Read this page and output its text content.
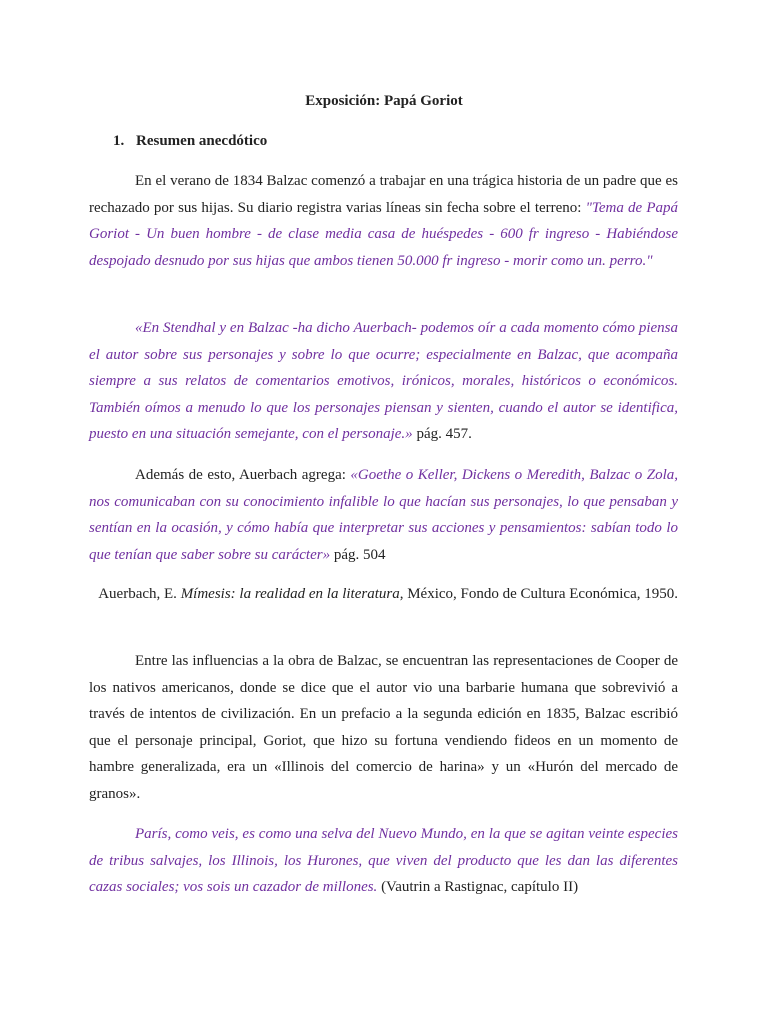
Exposición: Papá Goriot
1. Resumen anecdótico

En el verano de 1834 Balzac comenzó a trabajar en una trágica historia de un padre que es rechazado por sus hijas. Su diario registra varias líneas sin fecha sobre el terreno: "Tema de Papá Goriot - Un buen hombre - de clase media casa de huéspedes - 600 fr ingreso - Habiéndose despojado desnudo por sus hijas que ambos tienen 50.000 fr ingreso - morir como un. perro."

«En Stendhal y en Balzac -ha dicho Auerbach- podemos oír a cada momento cómo piensa el autor sobre sus personajes y sobre lo que ocurre; especialmente en Balzac, que acompaña siempre a sus relatos de comentarios emotivos, irónicos, morales, históricos o económicos. También oímos a menudo lo que los personajes piensan y sienten, cuando el autor se identifica, puesto en una situación semejante, con el personaje.» pág. 457.

Además de esto, Auerbach agrega: «Goethe o Keller, Dickens o Meredith, Balzac o Zola, nos comunicaban con su conocimiento infalible lo que hacían sus personajes, lo que pensaban y sentían en la ocasión, y cómo había que interpretar sus acciones y pensamientos: sabían todo lo que tenían que saber sobre su carácter» pág. 504

Auerbach, E. Mímesis: la realidad en la literatura, México, Fondo de Cultura Económica, 1950.

Entre las influencias a la obra de Balzac, se encuentran las representaciones de Cooper de los nativos americanos, donde se dice que el autor vio una barbarie humana que sobrevivió a través de intentos de civilización. En un prefacio a la segunda edición en 1835, Balzac escribió que el personaje principal, Goriot, que hizo su fortuna vendiendo fideos en un momento de hambre generalizada, era un «Illinois del comercio de harina» y un «Hurón del mercado de granos».

París, como veis, es como una selva del Nuevo Mundo, en la que se agitan veinte especies de tribus salvajes, los Illinois, los Hurones, que viven del producto que les dan las diferentes cazas sociales; vos sois un cazador de millones. (Vautrin a Rastignac, capítulo II)
